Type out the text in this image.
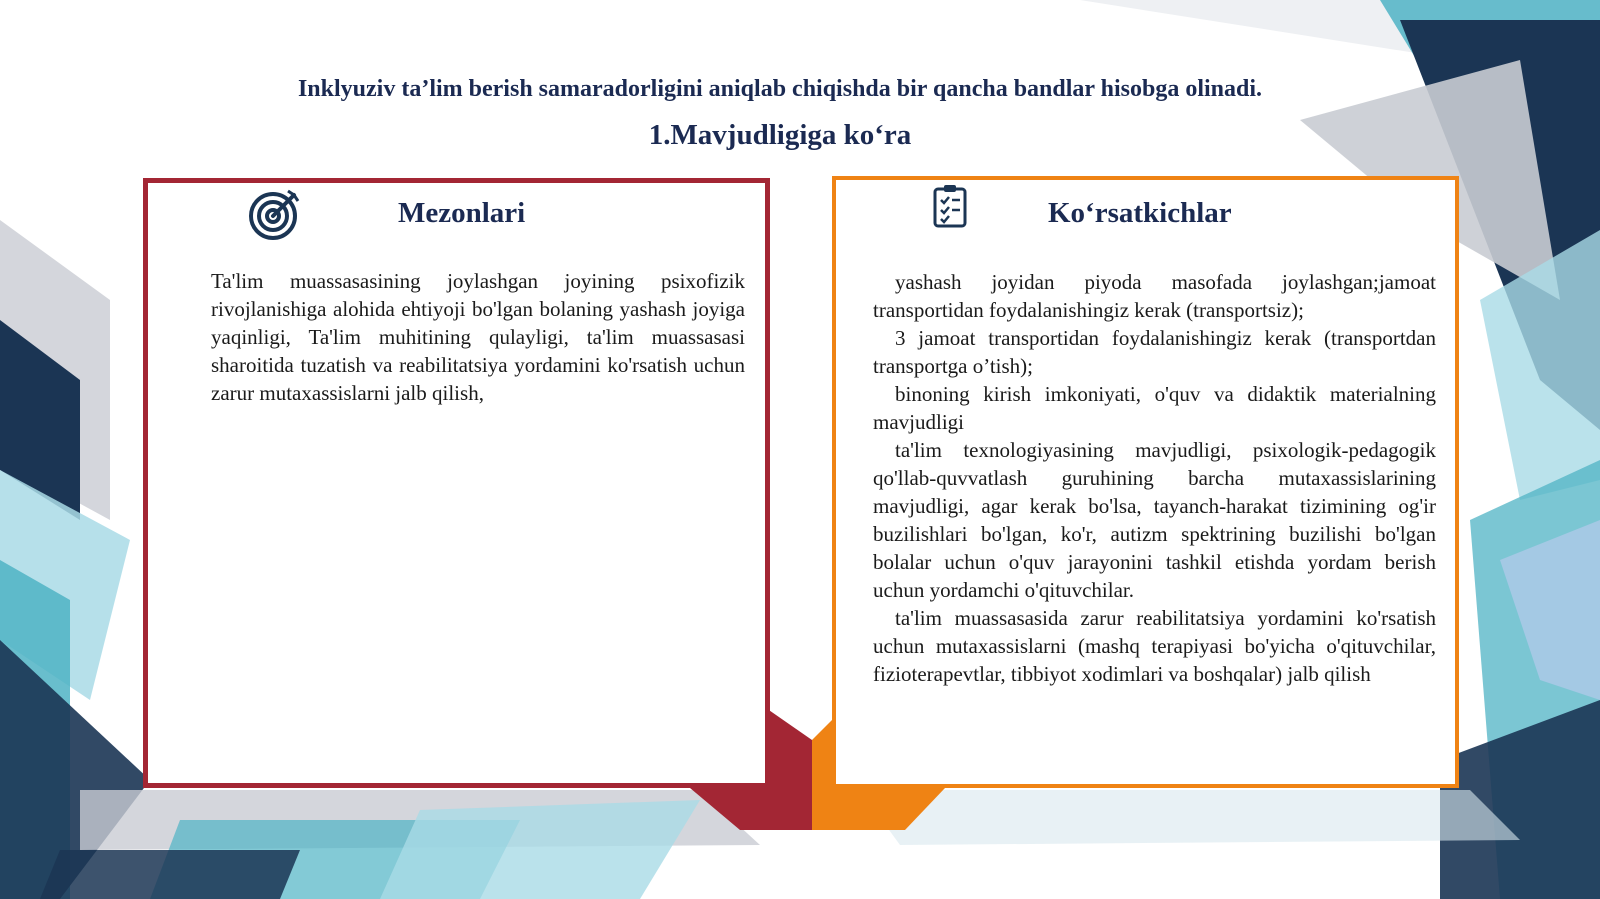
Inklyuziv ta’lim berish samaradorligini aniqlab chiqishda bir qancha bandlar hisobga olinadi.
1.Mavjudligiga ko‘ra
Mezonlari
Ta'lim muassasasining joylashgan joyining psixofizik rivojlanishiga alohida ehtiyoji bo'lgan bolaning yashash joyiga yaqinligi, Ta'lim muhitining qulayligi, ta'lim muassasasi sharoitida tuzatish va reabilitatsiya yordamini ko'rsatish uchun zarur mutaxassislarni jalb qilish,
Ko‘rsatkichlar

yashash joyidan piyoda masofada joylashgan;jamoat transportidan foydalanishingiz kerak (transportsiz);

3 jamoat transportidan foydalanishingiz kerak (transportdan transportga o’tish);

binoning kirish imkoniyati, o'quv va didaktik materialning mavjudligi

ta'lim texnologiyasining mavjudligi, psixologik-pedagogik qo'llab-quvvatlash guruhining barcha mutaxassislarining mavjudligi, agar kerak bo'lsa, tayanch-harakat tizimining og'ir buzilishlari bo'lgan, ko'r, autizm spektrining buzilishi bo'lgan bolalar uchun o'quv jarayonini tashkil etishda yordam berish uchun yordamchi o'qituvchilar.

ta'lim muassasasida zarur reabilitatsiya yordamini ko'rsatish uchun mutaxassislarni (mashq terapiyasi bo'yicha o'qituvchilar, fizioterapevtlar, tibbiyot xodimlari va boshqalar) jalb qilish
